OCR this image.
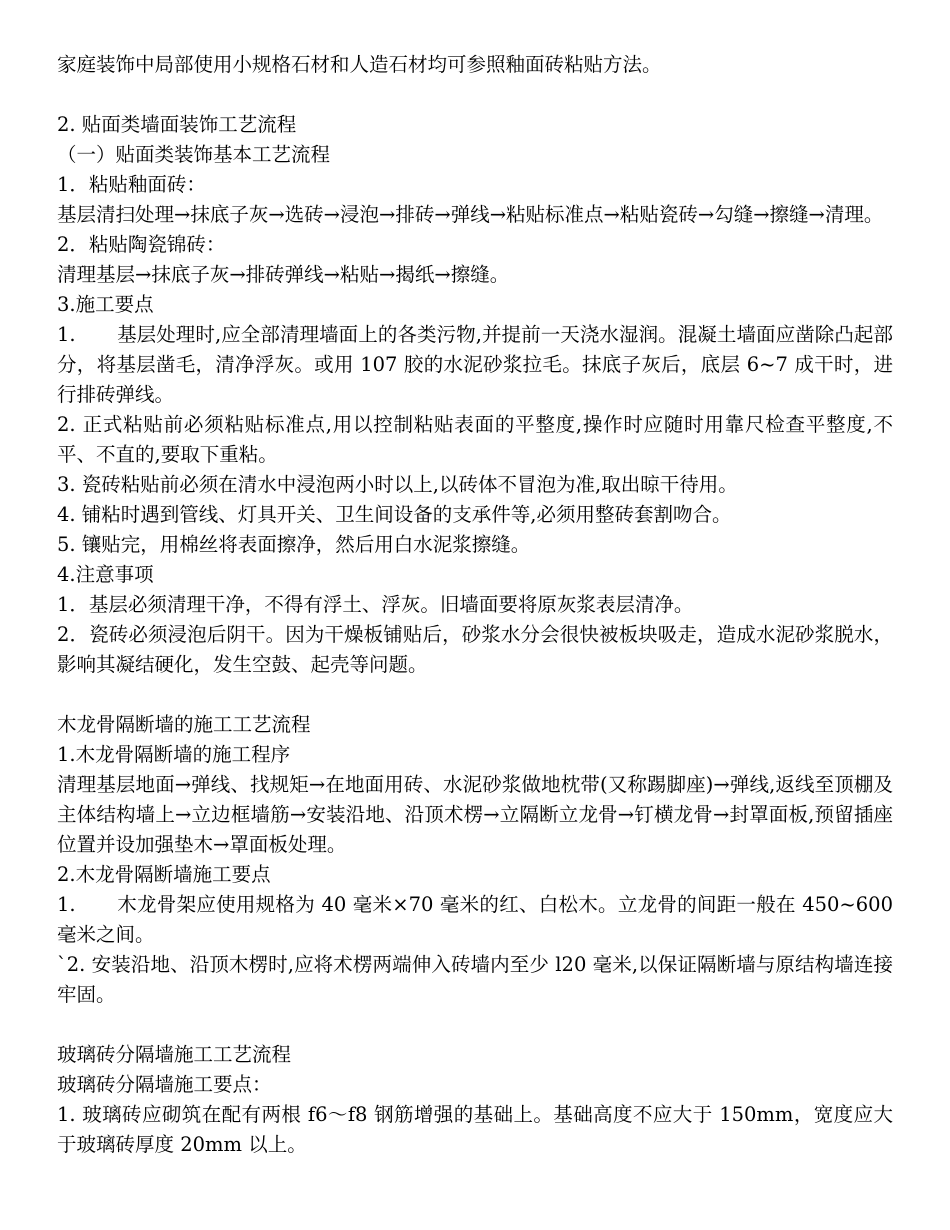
家庭装饰中局部使用小规格石材和人造石材均可参照釉面砖粘贴方法。

2. 贴面类墙面装饰工艺流程

（一）贴面类装饰基本工艺流程

1．粘贴釉面砖：

基层清扫处理→抹底子灰→选砖→浸泡→排砖→弹线→粘贴标准点→粘贴瓷砖→勾缝→擦缝→清理。

2．粘贴陶瓷锦砖：

清理基层→抹底子灰→排砖弹线→粘贴→揭纸→擦缝。

3.施工要点

1. 基层处理时,应全部清理墙面上的各类污物,并提前一天浇水湿润。混凝土墙面应凿除凸起部分，将基层凿毛，清净浮灰。或用 107 胶的水泥砂浆拉毛。抹底子灰后，底层 6~7 成干时，进行排砖弹线。

2. 正式粘贴前必须粘贴标准点,用以控制粘贴表面的平整度,操作时应随时用靠尺检查平整度,不平、不直的,要取下重粘。

3. 瓷砖粘贴前必须在清水中浸泡两小时以上,以砖体不冒泡为准,取出晾干待用。

4. 铺粘时遇到管线、灯具开关、卫生间设备的支承件等,必须用整砖套割吻合。

5. 镶贴完，用棉丝将表面擦净，然后用白水泥浆擦缝。

4.注意事项

1．基层必须清理干净，不得有浮土、浮灰。旧墙面要将原灰浆表层清净。

2．瓷砖必须浸泡后阴干。因为干燥板铺贴后，砂浆水分会很快被板块吸走，造成水泥砂浆脱水，影响其凝结硬化，发生空鼓、起壳等问题。

木龙骨隔断墙的施工工艺流程

1.木龙骨隔断墙的施工程序

清理基层地面→弹线、找规矩→在地面用砖、水泥砂浆做地枕带(又称踢脚座)→弹线,返线至顶棚及主体结构墙上→立边框墙筋→安装沿地、沿顶术楞→立隔断立龙骨→钉横龙骨→封罩面板,预留插座位置并设加强垫木→罩面板处理。

2.木龙骨隔断墙施工要点

1. 木龙骨架应使用规格为 40 毫米×70 毫米的红、白松木。立龙骨的间距一般在 450~600 毫米之间。

`2. 安装沿地、沿顶木楞时,应将术楞两端伸入砖墙内至少 l20 毫米,以保证隔断墙与原结构墙连接牢固。

玻璃砖分隔墙施工工艺流程

玻璃砖分隔墙施工要点：

1. 玻璃砖应砌筑在配有两根 f6～f8 钢筋增强的基础上。基础高度不应大于 150mm，宽度应大于玻璃砖厚度 20mm 以上。
